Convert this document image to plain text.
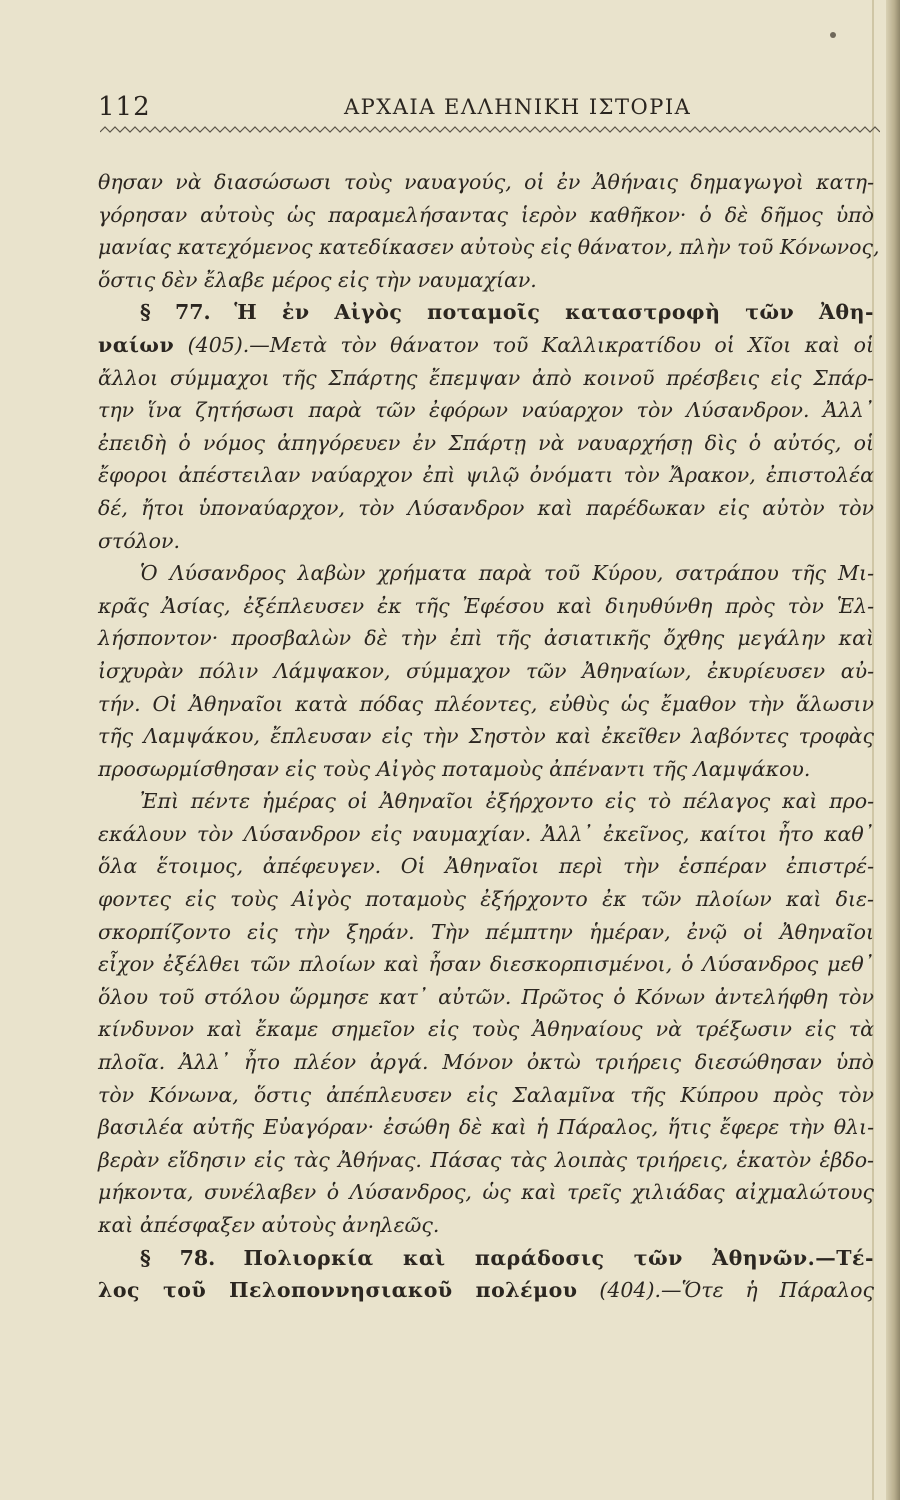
112	ΑΡΧΑΙΑ ΕΛΛΗΝΙΚΗ ΙΣΤΟΡΙΑ
θησαν νὰ διασώσωσι τοὺς ναυαγούς, οἱ ἐν Ἀθήναις δημαγωγοὶ κατη-
γόρησαν αὐτοὺς ὡς παραμελήσαντας ἱερὸν καθῆκον· ὁ δὲ δῆμος ὑπὸ
μανίας κατεχόμενος κατεδίκασεν αὐτοὺς εἰς θάνατον, πλὴν τοῦ Κόνωνος,
ὅστις δὲν ἔλαβε μέρος εἰς τὴν ναυμαχίαν.
§ 77. Ἡ ἐν Αἰγὸς ποταμοῖς καταστροφὴ τῶν Ἀθη-
ναίων (405).—Μετὰ τὸν θάνατον τοῦ Καλλικρατίδου οἱ Χῖοι καὶ οἱ
ἄλλοι σύμμαχοι τῆς Σπάρτης ἔπεμψαν ἀπὸ κοινοῦ πρέσβεις εἰς Σπάρ-
την ἵνα ζητήσωσι παρὰ τῶν ἐφόρων ναύαρχον τὸν Λύσανδρον. Ἀλλ᾽
ἐπειδὴ ὁ νόμος ἀπηγόρευεν ἐν Σπάρτῃ νὰ ναυαρχήσῃ δὶς ὁ αὐτός, οἱ
ἔφοροι ἀπέστειλαν ναύαρχον ἐπὶ ψιλῷ ὀνόματι τὸν Ἄρακον, ἐπιστολέα
δέ, ἤτοι ὑποναύαρχον, τὸν Λύσανδρον καὶ παρέδωκαν εἰς αὐτὸν τὸν
στόλον.
Ὁ Λύσανδρος λαβὼν χρήματα παρὰ τοῦ Κύρου, σατράπου τῆς Μι-
κρᾶς Ἀσίας, ἐξέπλευσεν ἐκ τῆς Ἐφέσου καὶ διηυθύνθη πρὸς τὸν Ἑλ-
λήσποντον· προσβαλὼν δὲ τὴν ἐπὶ τῆς ἀσιατικῆς ὄχθης μεγάλην καὶ
ἰσχυρὰν πόλιν Λάμψακον, σύμμαχον τῶν Ἀθηναίων, ἐκυρίευσεν αὐ-
τήν. Οἱ Ἀθηναῖοι κατὰ πόδας πλέοντες, εὐθὺς ὡς ἔμαθον τὴν ἅλωσιν
τῆς Λαμψάκου, ἔπλευσαν εἰς τὴν Σηστὸν καὶ ἐκεῖθεν λαβόντες τροφὰς
προσωρμίσθησαν εἰς τοὺς Αἰγὸς ποταμοὺς ἀπέναντι τῆς Λαμψάκου.
Ἐπὶ πέντε ἡμέρας οἱ Ἀθηναῖοι ἐξήρχοντο εἰς τὸ πέλαγος καὶ προ-
εκάλουν τὸν Λύσανδρον εἰς ναυμαχίαν. Ἀλλ᾽ ἐκεῖνος, καίτοι ἦτο καθ᾽
ὅλα ἕτοιμος, ἀπέφευγεν. Οἱ Ἀθηναῖοι περὶ τὴν ἑσπέραν ἐπιστρέ-
φοντες εἰς τοὺς Αἰγὸς ποταμοὺς ἐξήρχοντο ἐκ τῶν πλοίων καὶ διε-
σκορπίζοντο εἰς τὴν ξηράν. Τὴν πέμπτην ἡμέραν, ἐνῷ οἱ Ἀθηναῖοι
εἶχον ἐξέλθει τῶν πλοίων καὶ ἦσαν διεσκορπισμένοι, ὁ Λύσανδρος μεθ᾽
ὅλου τοῦ στόλου ὥρμησε κατ᾽ αὐτῶν. Πρῶτος ὁ Κόνων ἀντελήφθη τὸν
κίνδυνον καὶ ἔκαμε σημεῖον εἰς τοὺς Ἀθηναίους νὰ τρέξωσιν εἰς τὰ
πλοῖα. Ἀλλ᾽ ἦτο πλέον ἀργά. Μόνον ὀκτὼ τριήρεις διεσώθησαν ὑπὸ
τὸν Κόνωνα, ὅστις ἀπέπλευσεν εἰς Σαλαμῖνα τῆς Κύπρου πρὸς τὸν
βασιλέα αὐτῆς Εὐαγόραν· ἐσώθη δὲ καὶ ἡ Πάραλος, ἥτις ἔφερε τὴν θλι-
βερὰν εἴδησιν εἰς τὰς Ἀθήνας. Πάσας τὰς λοιπὰς τριήρεις, ἑκατὸν ἑβδο-
μήκοντα, συνέλαβεν ὁ Λύσανδρος, ὡς καὶ τρεῖς χιλιάδας αἰχμαλώτους
καὶ ἀπέσφαξεν αὐτοὺς ἀνηλεῶς.
§ 78. Πολιορκία καὶ παράδοσις τῶν Ἀθηνῶν.—Τέ-
λος τοῦ Πελοποννησιακοῦ πολέμου (404).—Ὅτε ἡ Πάραλος
